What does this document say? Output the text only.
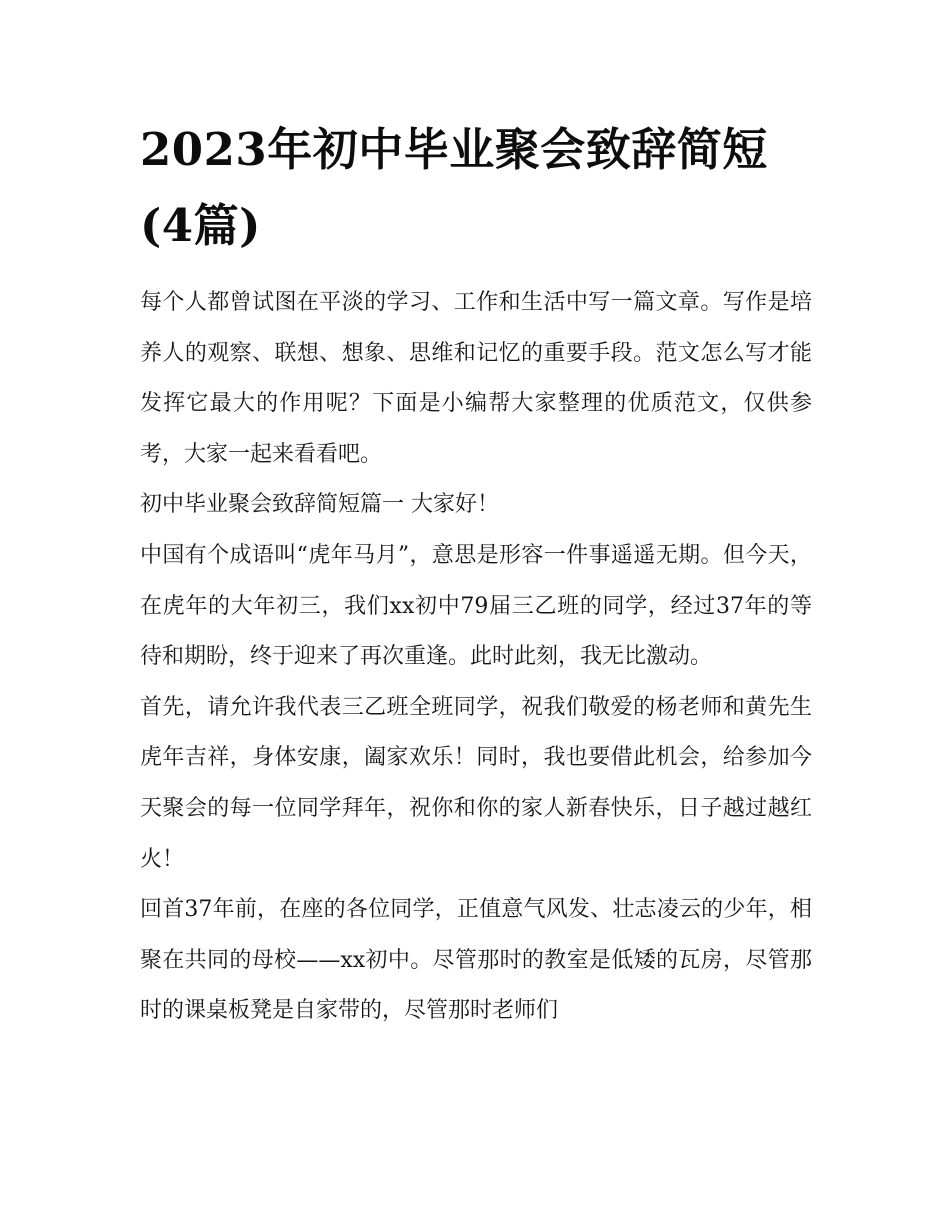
2023年初中毕业聚会致辞简短(4篇)

每个人都曾试图在平淡的学习、工作和生活中写一篇文章。写作是培养人的观察、联想、想象、思维和记忆的重要手段。范文怎么写才能发挥它最大的作用呢？下面是小编帮大家整理的优质范文，仅供参考，大家一起来看看吧。

初中毕业聚会致辞简短篇一 大家好！

中国有个成语叫“虎年马月”，意思是形容一件事遥遥无期。但今天，在虎年的大年初三，我们xx初中79届三乙班的同学，经过37年的等待和期盼，终于迎来了再次重逢。此时此刻，我无比激动。

首先，请允许我代表三乙班全班同学，祝我们敬爱的杨老师和黄先生虎年吉祥，身体安康，阖家欢乐！同时，我也要借此机会，给参加今天聚会的每一位同学拜年，祝你和你的家人新春快乐，日子越过越红火！

回首37年前，在座的各位同学，正值意气风发、壮志凌云的少年，相聚在共同的母校——xx初中。尽管那时的教室是低矮的瓦房，尽管那时的课桌板凳是自家带的，尽管那时老师们
